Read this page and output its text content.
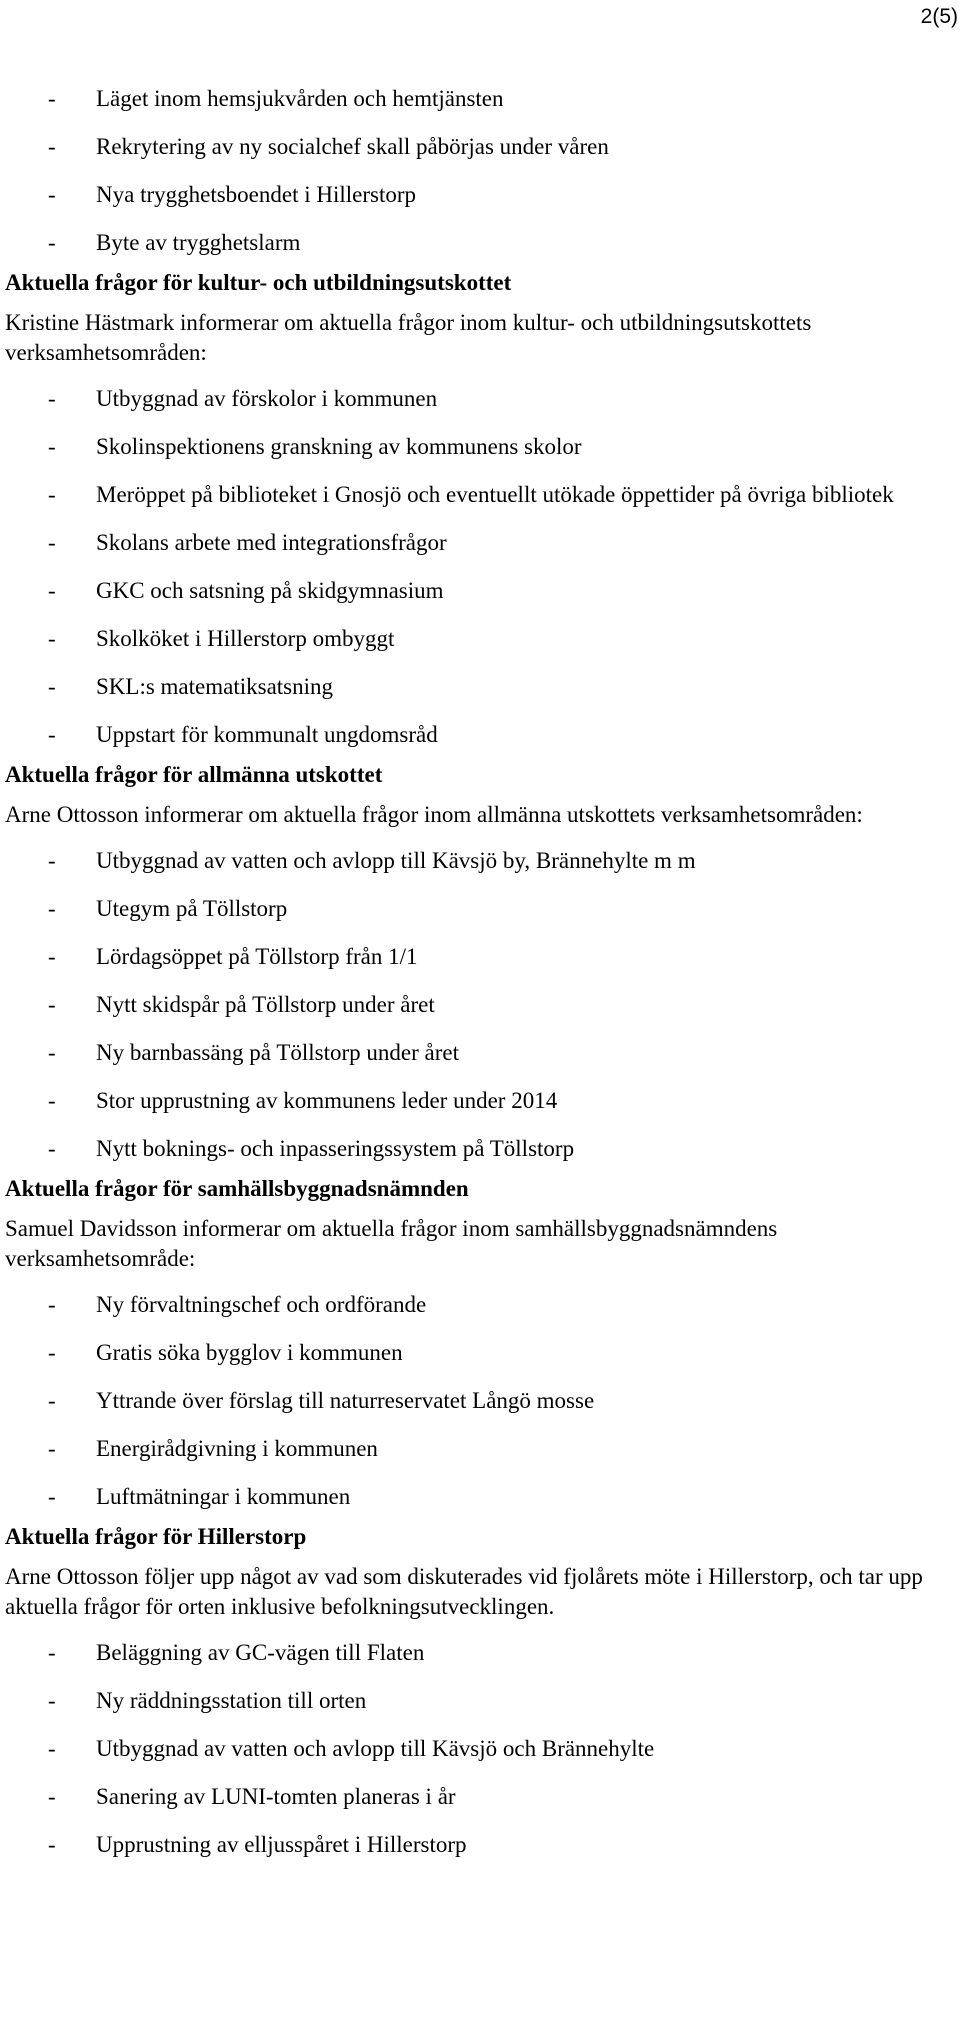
2(5)
- Läget inom hemsjukvården och hemtjänsten
- Rekrytering av ny socialchef skall påbörjas under våren
- Nya trygghetsboendet i Hillerstorp
- Byte av trygghetslarm
Aktuella frågor för kultur- och utbildningsutskottet
Kristine Hästmark informerar om aktuella frågor inom kultur- och utbildningsutskottets verksamhetsområden:
- Utbyggnad av förskolor i kommunen
- Skolinspektionens granskning av kommunens skolor
- Meröppet på biblioteket i Gnosjö och eventuellt utökade öppettider på övriga bibliotek
- Skolans arbete med integrationsfrågor
- GKC och satsning på skidgymnasium
- Skolköket i Hillerstorp ombyggt
- SKL:s matematiksatsning
- Uppstart för kommunalt ungdomsråd
Aktuella frågor för allmänna utskottet
Arne Ottosson informerar om aktuella frågor inom allmänna utskottets verksamhetsområden:
- Utbyggnad av vatten och avlopp till Kävsjö by, Brännehylte m m
- Utegym på Töllstorp
- Lördagsöppet på Töllstorp från 1/1
- Nytt skidspår på Töllstorp under året
- Ny barnbassäng på Töllstorp under året
- Stor upprustning av kommunens leder under 2014
- Nytt boknings- och inpasseringssystem på Töllstorp
Aktuella frågor för samhällsbyggnadsnämnden
Samuel Davidsson informerar om aktuella frågor inom samhällsbyggnadsnämndens verksamhetsområde:
- Ny förvaltningschef och ordförande
- Gratis söka bygglov i kommunen
- Yttrande över förslag till naturreservatet Långö mosse
- Energirådgivning i kommunen
- Luftmätningar i kommunen
Aktuella frågor för Hillerstorp
Arne Ottosson följer upp något av vad som diskuterades vid fjolårets möte i Hillerstorp, och tar upp aktuella frågor för orten inklusive befolkningsutvecklingen.
- Beläggning av GC-vägen till Flaten
- Ny räddningsstation till orten
- Utbyggnad av vatten och avlopp till Kävsjö och Brännehylte
- Sanering av LUNI-tomten planeras i år
- Upprustning av elljusspåret i Hillerstorp
